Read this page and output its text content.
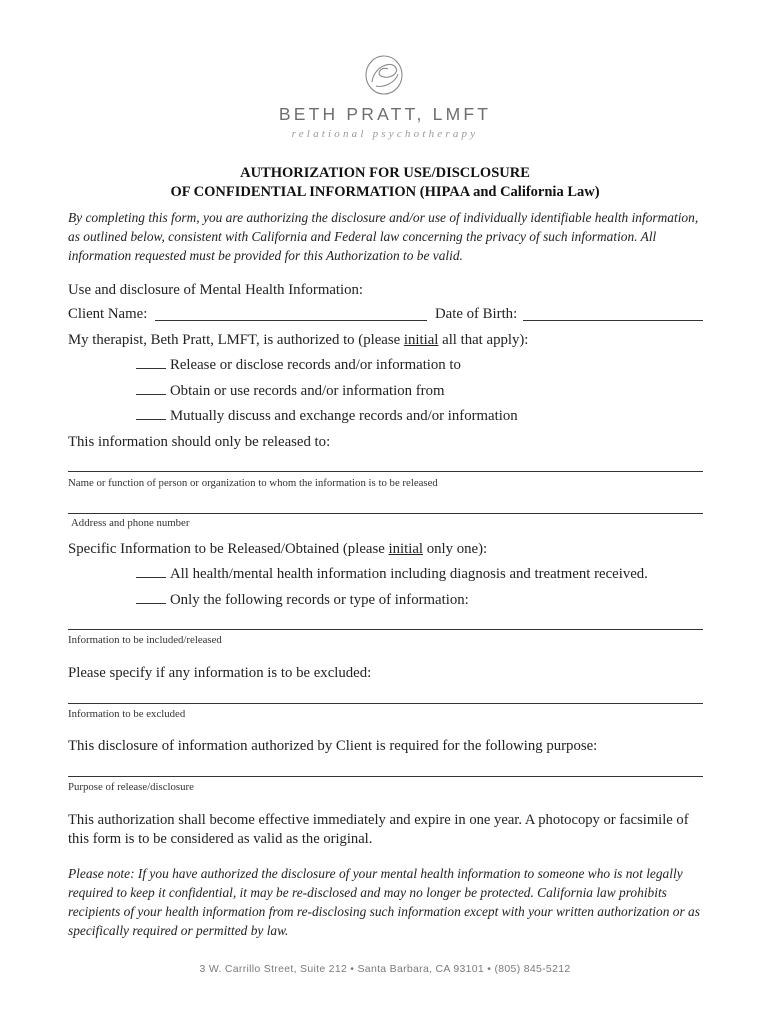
BETH PRATT, LMFT
relational psychotherapy
AUTHORIZATION FOR USE/DISCLOSURE
OF CONFIDENTIAL INFORMATION (HIPAA and California Law)
By completing this form, you are authorizing the disclosure and/or use of individually identifiable health information, as outlined below, consistent with California and Federal law concerning the privacy of such information. All information requested must be provided for this Authorization to be valid.
Use and disclosure of Mental Health Information:
Client Name:	Date of Birth:
My therapist, Beth Pratt, LMFT, is authorized to (please initial all that apply):
Release or disclose records and/or information to
Obtain or use records and/or information from
Mutually discuss and exchange records and/or information
This information should only be released to:
Name or function of person or organization to whom the information is to be released
Address and phone number
Specific Information to be Released/Obtained (please initial only one):
All health/mental health information including diagnosis and treatment received.
Only the following records or type of information:
Information to be included/released
Please specify if any information is to be excluded:
Information to be excluded
This disclosure of information authorized by Client is required for the following purpose:
Purpose of release/disclosure
This authorization shall become effective immediately and expire in one year. A photocopy or facsimile of this form is to be considered as valid as the original.
Please note: If you have authorized the disclosure of your mental health information to someone who is not legally required to keep it confidential, it may be re-disclosed and may no longer be protected. California law prohibits recipients of your health information from re-disclosing such information except with your written authorization or as specifically required or permitted by law.
3 W. Carrillo Street, Suite 212 • Santa Barbara, CA 93101 • (805) 845-5212
